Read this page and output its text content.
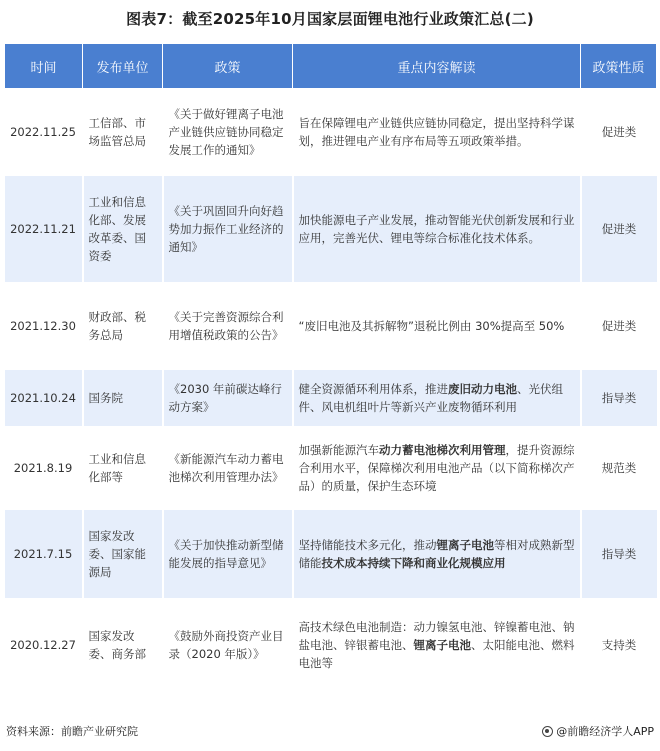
图表7：截至2025年10月国家层面锂电池行业政策汇总(二)
时间	发布单位	政策	重点内容解读	政策性质
2022.11.25	工信部、市场监管总局	《关于做好锂离子电池产业链供应链协同稳定发展工作的通知》	旨在保障锂电产业链供应链协同稳定，提出坚持科学谋划，推进锂电产业有序布局等五项政策举措。	促进类
2022.11.21	工业和信息化部、发展改革委、国资委	《关于巩固回升向好趋势加力振作工业经济的通知》	加快能源电子产业发展，推动智能光伏创新发展和行业应用，完善光伏、锂电等综合标准化技术体系。	促进类
2021.12.30	财政部、税务总局	《关于完善资源综合利用增值税政策的公告》	“废旧电池及其拆解物”退税比例由 30%提高至 50%	促进类
2021.10.24	国务院	《2030 年前碳达峰行动方案》	健全资源循环利用体系，推进废旧动力电池、光伏组件、风电机组叶片等新兴产业废物循环利用	指导类
2021.8.19	工业和信息化部等	《新能源汽车动力蓄电池梯次利用管理办法》	加强新能源汽车动力蓄电池梯次利用管理，提升资源综合利用水平，保障梯次利用电池产品（以下简称梯次产品）的质量，保护生态环境	规范类
2021.7.15	国家发改委、国家能源局	《关于加快推动新型储能发展的指导意见》	坚持储能技术多元化，推动锂离子电池等相对成熟新型储能技术成本持续下降和商业化规模应用	指导类
2020.12.27	国家发改委、商务部	《鼓励外商投资产业目录（2020 年版）》	高技术绿色电池制造：动力镍氢电池、锌镍蓄电池、钠盐电池、锌银蓄电池、锂离子电池、太阳能电池、燃料电池等	支持类
资料来源：前瞻产业研究院	@前瞻经济学人APP
